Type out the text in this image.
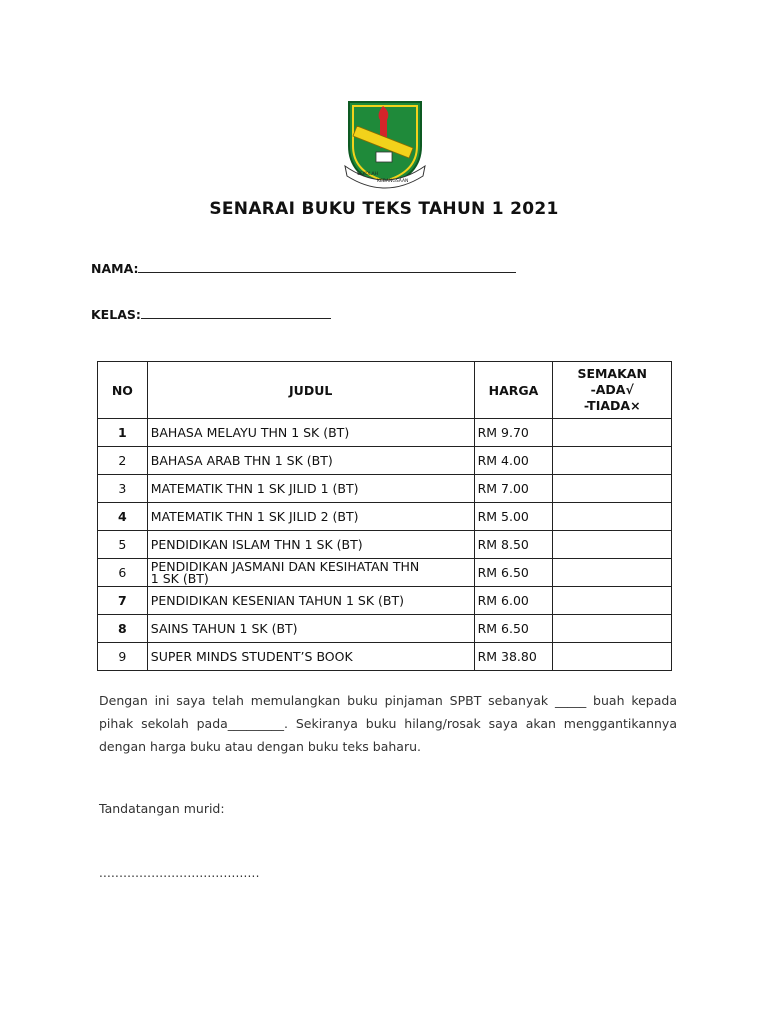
SEKOLAH
KEBANGSAAN
SENARAI BUKU TEKS TAHUN 1 2021
NAMA:
KELAS:
NO	JUDUL	HARGA	SEMAKAN
-ADA√
-TIADA×

1	BAHASA MELAYU THN 1 SK (BT)	RM 9.70	
2	BAHASA ARAB THN 1 SK (BT)	RM 4.00	
3	MATEMATIK THN 1 SK JILID 1 (BT)	RM 7.00	
4	MATEMATIK THN 1 SK JILID 2 (BT)	RM 5.00	
5	PENDIDIKAN ISLAM THN 1 SK (BT)	RM 8.50	
6	PENDIDIKAN JASMANI DAN KESIHATAN THN
1 SK (BT)	RM 6.50	
7	PENDIDIKAN KESENIAN TAHUN 1 SK (BT)	RM 6.00	
8	SAINS TAHUN 1 SK (BT)	RM 6.50	
9	SUPER MINDS STUDENT’S BOOK	RM 38.80	
Dengan ini saya telah memulangkan buku pinjaman SPBT sebanyak _____ buah kepada pihak sekolah pada_________. Sekiranya buku hilang/rosak saya akan menggantikannya dengan harga buku atau dengan buku teks baharu.
Tandatangan murid:
........................................
